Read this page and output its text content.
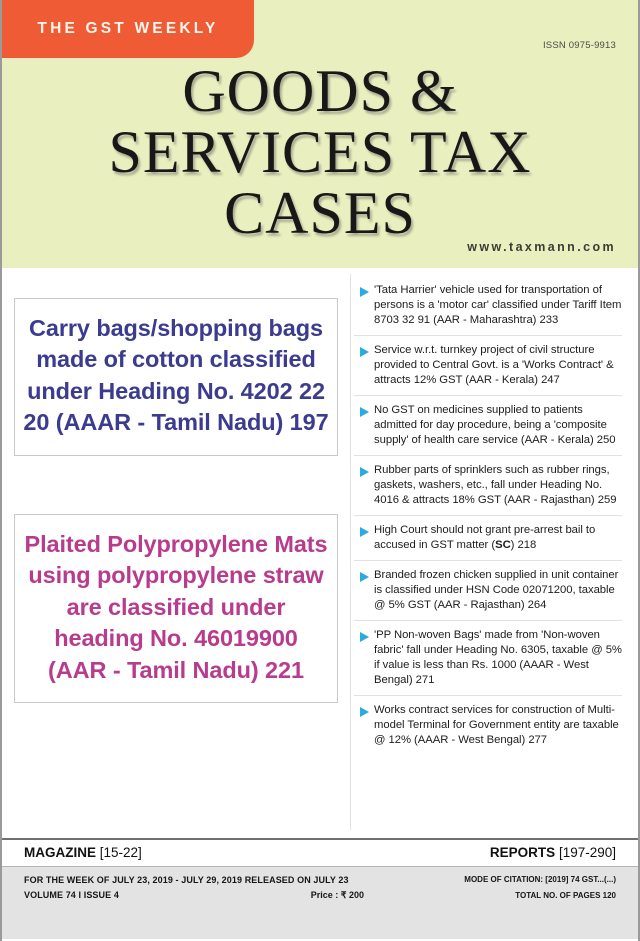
THE GST WEEKLY
ISSN 0975-9913
GOODS &
SERVICES TAX
CASES
www.taxmann.com
Carry bags/shopping bags made of cotton classified under Heading No. 4202 22 20 (AAAR - Tamil Nadu) 197
Plaited Polypropylene Mats using polypropylene straw are classified under heading No. 46019900 (AAR - Tamil Nadu) 221
'Tata Harrier' vehicle used for transportation of persons is a 'motor car' classified under Tariff Item 8703 32 91 (AAR - Maharashtra) 233
Service w.r.t. turnkey project of civil structure provided to Central Govt. is a 'Works Contract' & attracts 12% GST (AAR - Kerala) 247
No GST on medicines supplied to patients admitted for day procedure, being a 'composite supply' of health care service (AAR - Kerala) 250
Rubber parts of sprinklers such as rubber rings, gaskets, washers, etc., fall under Heading No. 4016 & attracts 18% GST (AAR - Rajasthan) 259
High Court should not grant pre-arrest bail to accused in GST matter (SC) 218
Branded frozen chicken supplied in unit container is classified under HSN Code 02071200, taxable @ 5% GST (AAR - Rajasthan) 264
'PP Non-woven Bags' made from 'Non-woven fabric' fall under Heading No. 6305, taxable @ 5% if value is less than Rs. 1000 (AAAR - West Bengal) 271
Works contract services for construction of Multi-model Terminal for Government entity are taxable @ 12% (AAAR - West Bengal) 277
MAGAZINE [15-22]	REPORTS [197-290]
FOR THE WEEK OF JULY 23, 2019 - JULY 29, 2019 RELEASED ON JULY 23
VOLUME 74 I ISSUE 4	Price : ₹ 200
MODE OF CITATION: [2019] 74 GST...(...)
TOTAL NO. OF PAGES 120
